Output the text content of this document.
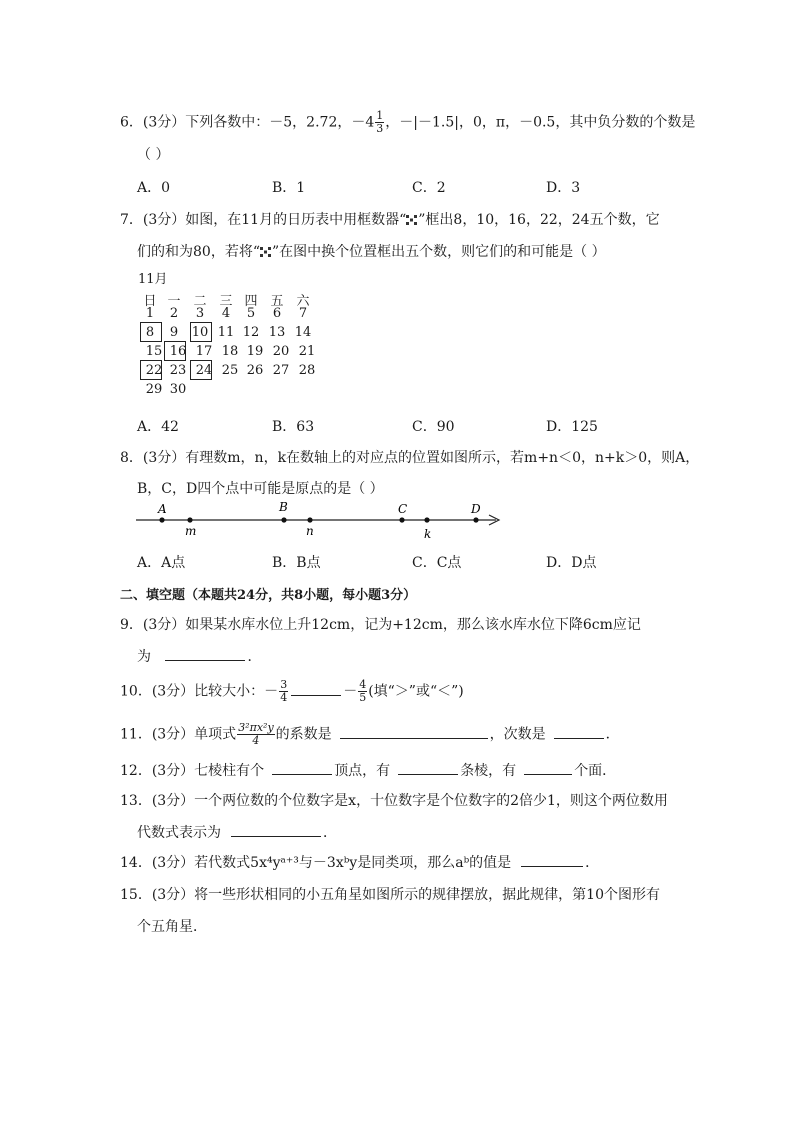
6．(3分）下列各数中：－5，2.72，$-4 \frac{1}{3}$ ，－|－1.5|，0，π，－0.5，其中负分数的个数是
（ ）
A．0	B．1	C．2	D．3
7．(3分）如图，在11月的日历表中用框数器“ ”框出8，10，16，22，24五个数，它
们的和为80，若将“ ”在图中换个位置框出五个数，则它们的和可能是（ ）
11月
日 一 二 三 四 五 六
1	2	3	4	5	6	7
8	9	10 11 12 13 14
15 16 17 18 19 20 21
22 23 24 25 26 27 28
29 30
A．42	B．63	C．90	D．125
8．(3分）有理数m，n，k在数轴上的对应点的位置如图所示，若m+n＜0，n+k＞0，则A，
B，C，D四个点中可能是原点的是（ ）
A
m
B
n
C
k
D
A．A点	B．B点	C．C点	D．D点
二、填空题（本题共24分，共8小题，每小题3分）
9．(3分）如果某水库水位上升12cm，记为+12cm，那么该水库水位下降6cm应记
为	．
10．(3分）比较大小：－ $\frac{3}{4}$	－ $\frac{4}{5}$ (填“＞”或“＜”)
11．(3分）单项式 $\frac{\text{3²πx²y}}{4}$ 的系数是	，次数是	．
12．(3分）七棱柱有个	顶点，有	条棱，有	个面．
13．(3分）一个两位数的个位数字是x，十位数字是个位数字的2倍少1，则这个两位数用
代数式表示为	．
14．(3分）若代数式5x⁴yᵃ⁺³与－3xᵇy是同类项，那么aᵇ的值是	．
15．(3分）将一些形状相同的小五角星如图所示的规律摆放，据此规律，第10个图形有
个五角星．
